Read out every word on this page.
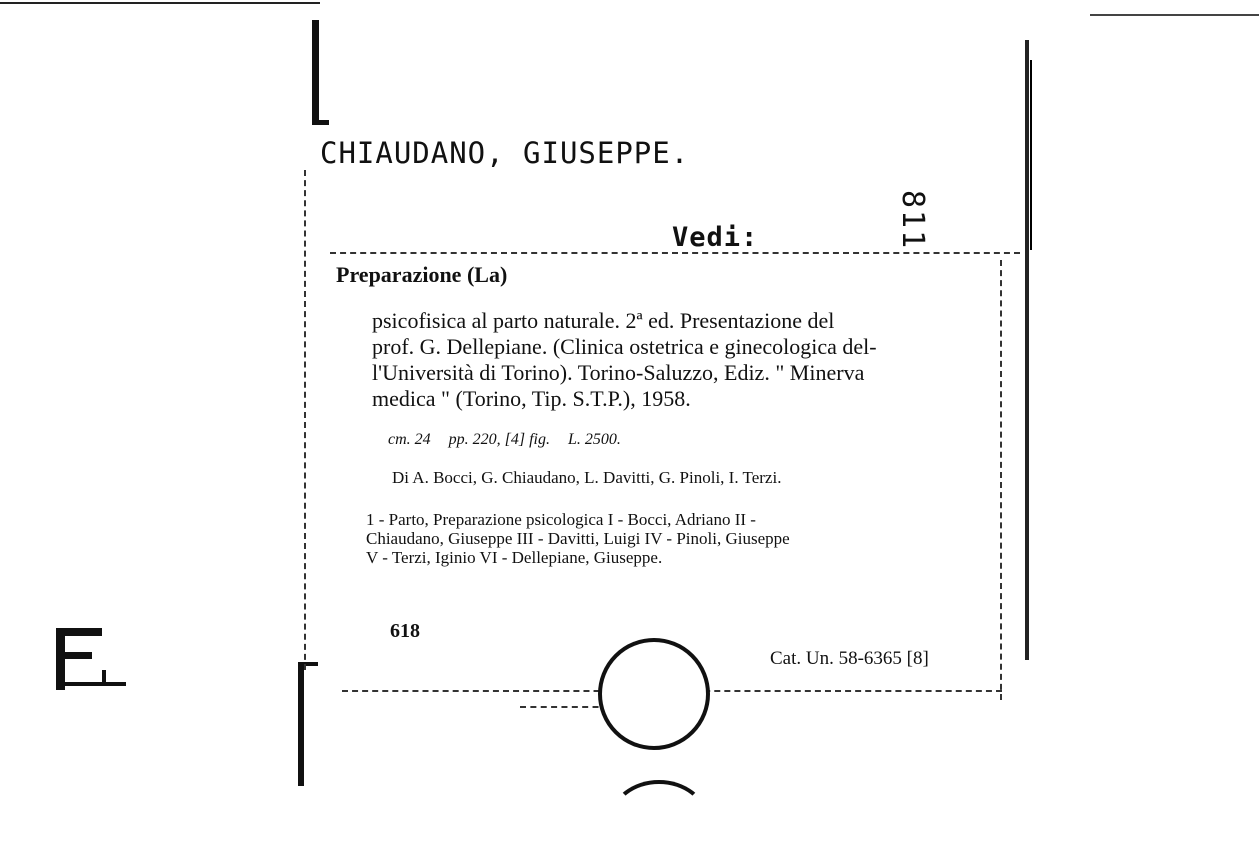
CHIAUDANO, GIUSEPPE.
Vedi:	811
Preparazione (La)
psicofisica al parto naturale. 2ª ed. Presentazione del
prof. G. Dellepiane. (Clinica ostetrica e ginecologica del-
l'Università di Torino). Torino-Saluzzo, Ediz. " Minerva
medica " (Torino, Tip. S.T.P.), 1958.
cm. 24 pp. 220, [4] fig. L. 2500.
Di A. Bocci, G. Chiaudano, L. Davitti, G. Pinoli, I. Terzi.
1 - Parto, Preparazione psicologica I - Bocci, Adriano II -
Chiaudano, Giuseppe III - Davitti, Luigi IV - Pinoli, Giuseppe
V - Terzi, Iginio VI - Dellepiane, Giuseppe.
618
Cat. Un. 58-6365 [8]
